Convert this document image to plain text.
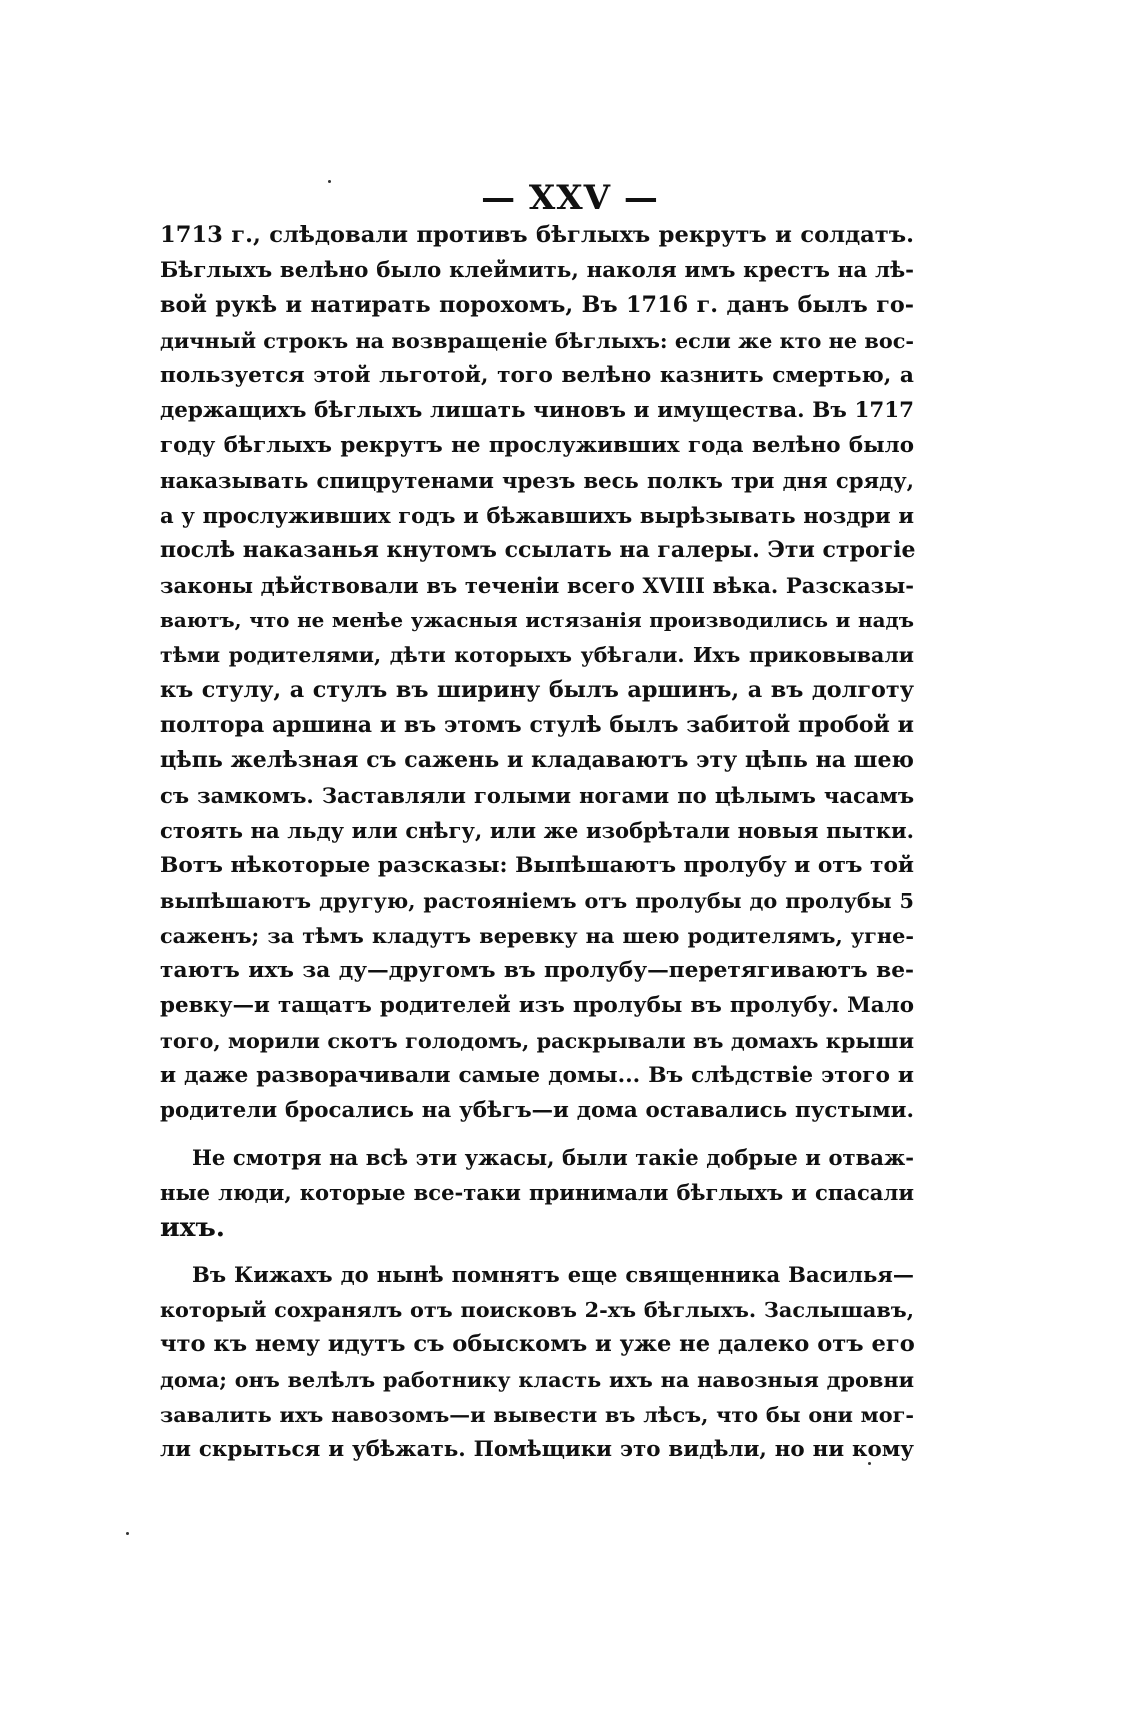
— XXV —
1713 г., слѣдовали противъ бѣглыхъ рекрутъ и солдатъ.
Бѣглыхъ велѣно было клеймить, наколя имъ крестъ на лѣ-
вой рукѣ и натирать порохомъ, Въ 1716 г. данъ былъ го-
дичный строкъ на возвращеніе бѣглыхъ: если же кто не вос-
пользуется этой льготой, того велѣно казнить смертью, а
держащихъ бѣглыхъ лишать чиновъ и имущества. Въ 1717
году бѣглыхъ рекрутъ не прослуживших года велѣно было
наказывать спицрутенами чрезъ весь полкъ три дня сряду,
а у прослуживших годъ и бѣжавшихъ вырѣзывать ноздри и
послѣ наказанья кнутомъ ссылать на галеры. Эти строгіе
законы дѣйствовали въ теченіи всего XVIII вѣка. Разсказы-
ваютъ, что не менѣе ужасныя истязанія производились и надъ
тѣми родителями, дѣти которыхъ убѣгали. Ихъ приковывали
къ стулу, а стулъ въ ширину былъ аршинъ, а въ долготу
полтора аршина и въ этомъ стулѣ былъ забитой пробой и
цѣпь желѣзная съ сажень и кладаваютъ эту цѣпь на шею
съ замкомъ. Заставляли голыми ногами по цѣлымъ часамъ
стоять на льду или снѣгу, или же изобрѣтали новыя пытки.
Вотъ нѣкоторые разсказы: Выпѣшаютъ пролубу и отъ той
выпѣшаютъ другую, растояніемъ отъ пролубы до пролубы 5
саженъ; за тѣмъ кладутъ веревку на шею родителямъ, угне-
таютъ ихъ за ду—другомъ въ пролубу—перетягиваютъ ве-
ревку—и тащатъ родителей изъ пролубы въ пролубу. Мало
того, морили скотъ голодомъ, раскрывали въ домахъ крыши
и даже разворачивали самые домы... Въ слѣдствіе этого и
родители бросались на убѣгъ—и дома оставались пустыми.
Не смотря на всѣ эти ужасы, были такіе добрые и отваж-
ные люди, которые все-таки принимали бѣглыхъ и спасали
ихъ.
Въ Кижахъ до нынѣ помнятъ еще священника Василья—
который сохранялъ отъ поисковъ 2-хъ бѣглыхъ. Заслышавъ,
что къ нему идутъ съ обыскомъ и уже не далеко отъ его
дома; онъ велѣлъ работнику класть ихъ на навозныя дровни
завалить ихъ навозомъ—и вывести въ лѣсъ, что бы они мог-
ли скрыться и убѣжать. Помѣщики это видѣли, но ни кому
